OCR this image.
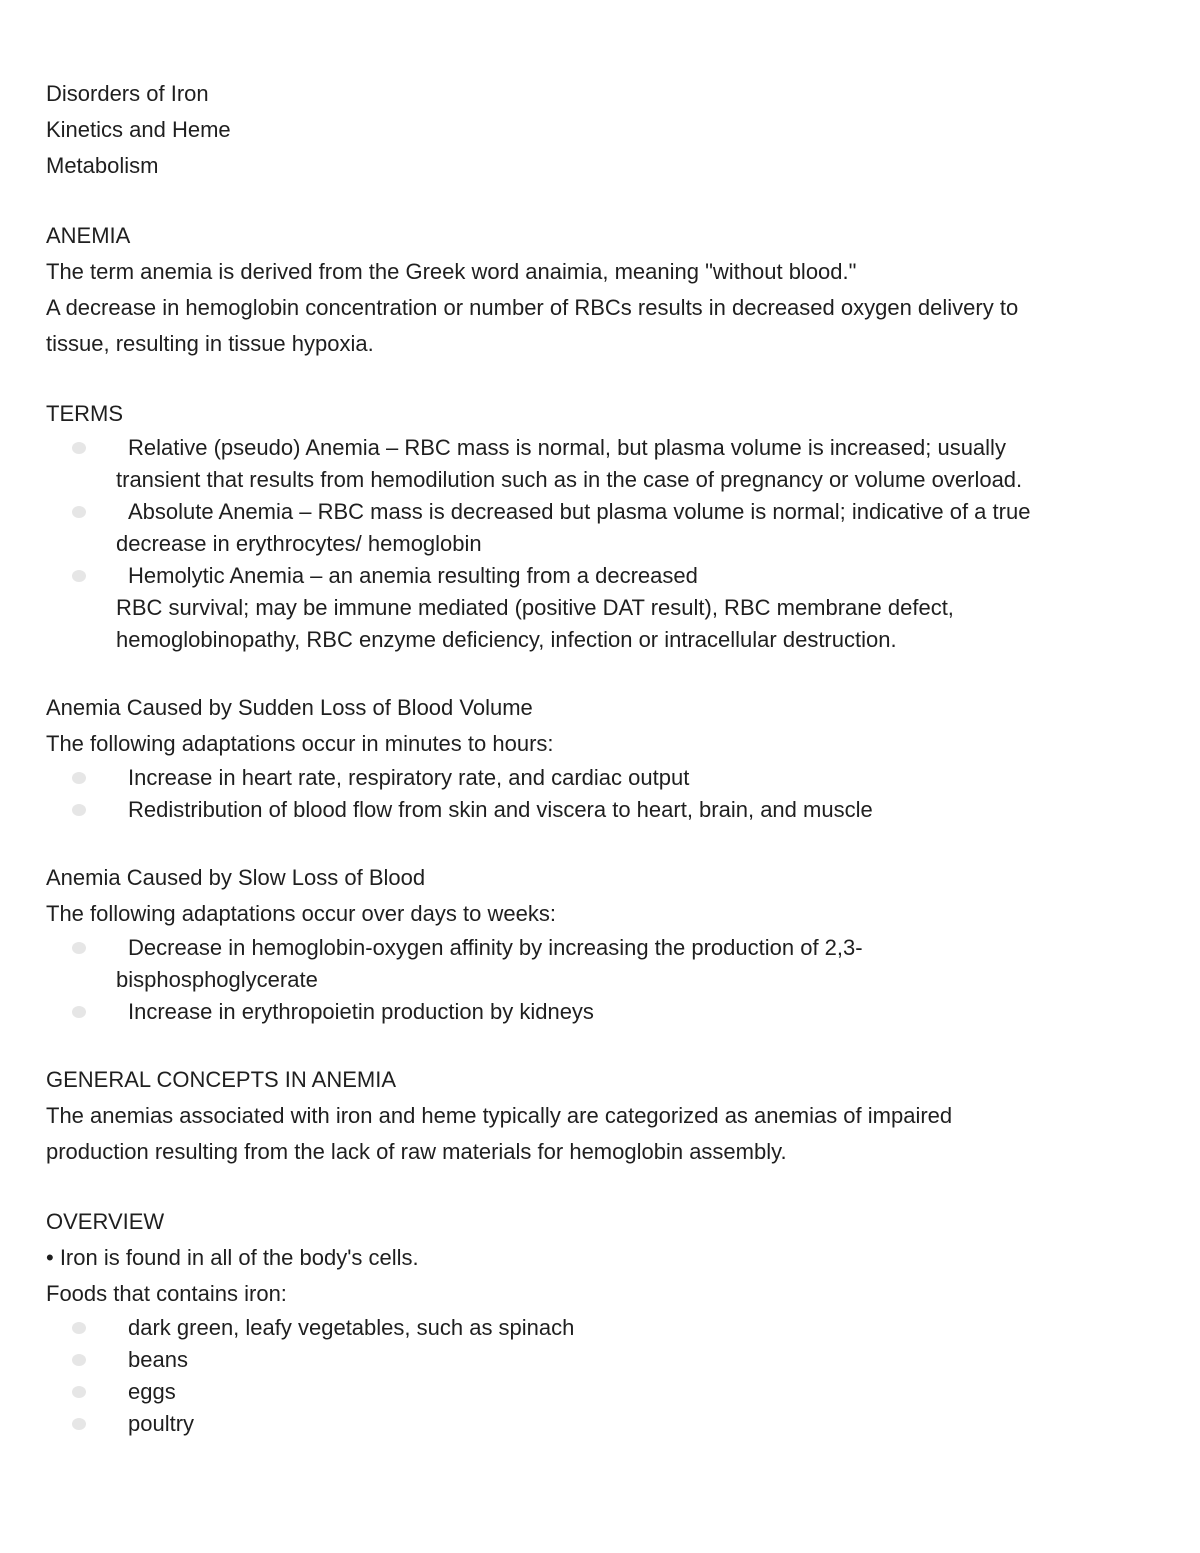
Disorders of Iron
Kinetics and Heme
Metabolism
ANEMIA
The term anemia is derived from the Greek word anaimia, meaning "without blood."
A decrease in hemoglobin concentration or number of RBCs results in decreased oxygen delivery to
tissue, resulting in tissue hypoxia.
TERMS
Relative (pseudo) Anemia – RBC mass is normal, but plasma volume is increased; usually
transient that results from hemodilution such as in the case of pregnancy or volume overload.
Absolute Anemia – RBC mass is decreased but plasma volume is normal; indicative of a true
decrease in erythrocytes/ hemoglobin
Hemolytic Anemia – an anemia resulting from a decreased
RBC survival; may be immune mediated (positive DAT result), RBC membrane defect,
hemoglobinopathy, RBC enzyme deficiency, infection or intracellular destruction.
Anemia Caused by Sudden Loss of Blood Volume
The following adaptations occur in minutes to hours:
Increase in heart rate, respiratory rate, and cardiac output
Redistribution of blood flow from skin and viscera to heart, brain, and muscle
Anemia Caused by Slow Loss of Blood
The following adaptations occur over days to weeks:
Decrease in hemoglobin-oxygen affinity by increasing the production of 2,3-
bisphosphoglycerate
Increase in erythropoietin production by kidneys
GENERAL CONCEPTS IN ANEMIA
The anemias associated with iron and heme typically are categorized as anemias of impaired
production resulting from the lack of raw materials for hemoglobin assembly.
OVERVIEW
• Iron is found in all of the body's cells.
Foods that contains iron:
dark green, leafy vegetables, such as spinach
beans
eggs
poultry
